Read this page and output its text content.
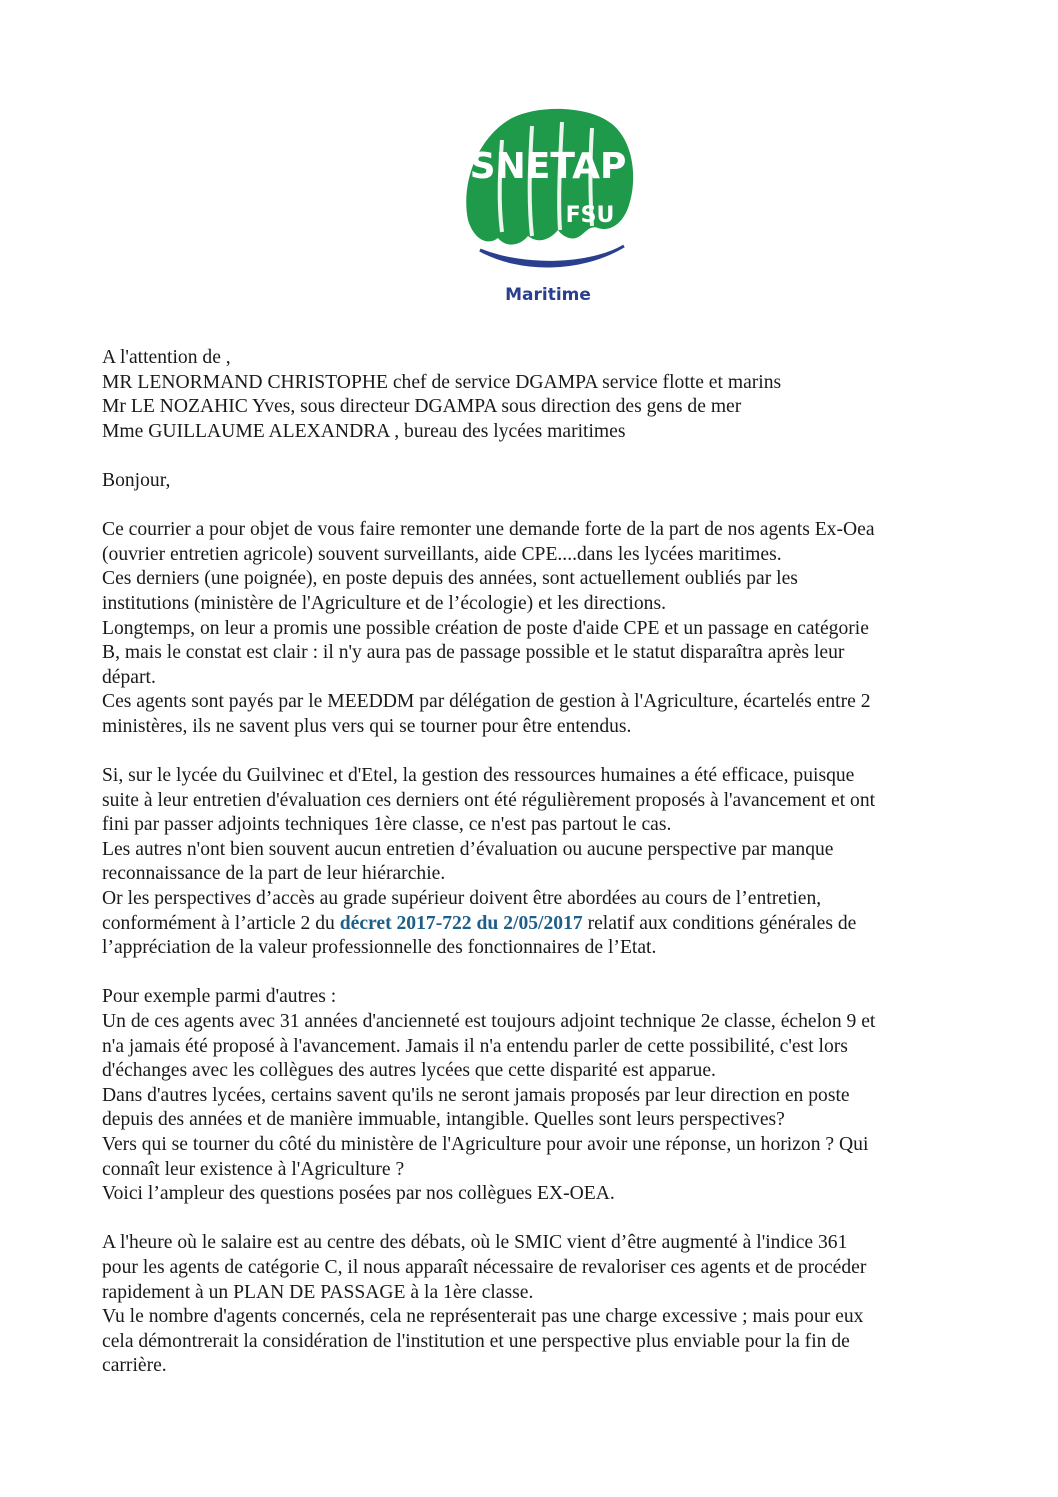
SNETAP
FSU
Maritime

A l'attention de ,
MR LENORMAND CHRISTOPHE chef de service DGAMPA service flotte et marins
Mr LE NOZAHIC Yves, sous directeur DGAMPA sous direction des gens de mer
Mme GUILLAUME ALEXANDRA , bureau des lycées maritimes

Bonjour,

Ce courrier a pour objet de vous faire remonter une demande forte de la part de nos agents Ex-Oea
(ouvrier entretien agricole) souvent surveillants, aide CPE....dans les lycées maritimes.
Ces derniers (une poignée), en poste depuis des années, sont actuellement oubliés par les
institutions (ministère de l'Agriculture et de l’écologie) et les directions.
Longtemps, on leur a promis une possible création de poste d'aide CPE et un passage en catégorie
B, mais le constat est clair : il n'y aura pas de passage possible et le statut disparaîtra après leur
départ.
Ces agents sont payés par le MEEDDM par délégation de gestion à l'Agriculture, écartelés entre 2
ministères, ils ne savent plus vers qui se tourner pour être entendus.

Si, sur le lycée du Guilvinec et d'Etel, la gestion des ressources humaines a été efficace, puisque
suite à leur entretien d'évaluation ces derniers ont été régulièrement proposés à l'avancement et ont
fini par passer adjoints techniques 1ère classe, ce n'est pas partout le cas.
Les autres n'ont bien souvent aucun entretien d’évaluation ou aucune perspective par manque
reconnaissance de la part de leur hiérarchie.
Or les perspectives d’accès au grade supérieur doivent être abordées au cours de l’entretien,
conformément à l’article 2 du décret 2017-722 du 2/05/2017 relatif aux conditions générales de
l’appréciation de la valeur professionnelle des fonctionnaires de l’Etat.

Pour exemple parmi d'autres :
Un de ces agents avec 31 années d'ancienneté est toujours adjoint technique 2e classe, échelon 9 et
n'a jamais été proposé à l'avancement. Jamais il n'a entendu parler de cette possibilité, c'est lors
d'échanges avec les collègues des autres lycées que cette disparité est apparue.
Dans d'autres lycées, certains savent qu'ils ne seront jamais proposés par leur direction en poste
depuis des années et de manière immuable, intangible. Quelles sont leurs perspectives?
Vers qui se tourner du côté du ministère de l'Agriculture pour avoir une réponse, un horizon ? Qui
connaît leur existence à l'Agriculture ?
Voici l’ampleur des questions posées par nos collègues EX-OEA.

A l'heure où le salaire est au centre des débats, où le SMIC vient d’être augmenté à l'indice 361
pour les agents de catégorie C, il nous apparaît nécessaire de revaloriser ces agents et de procéder
rapidement à un PLAN DE PASSAGE à la 1ère classe.
Vu le nombre d'agents concernés, cela ne représenterait pas une charge excessive ; mais pour eux
cela démontrerait la considération de l'institution et une perspective plus enviable pour la fin de
carrière.
